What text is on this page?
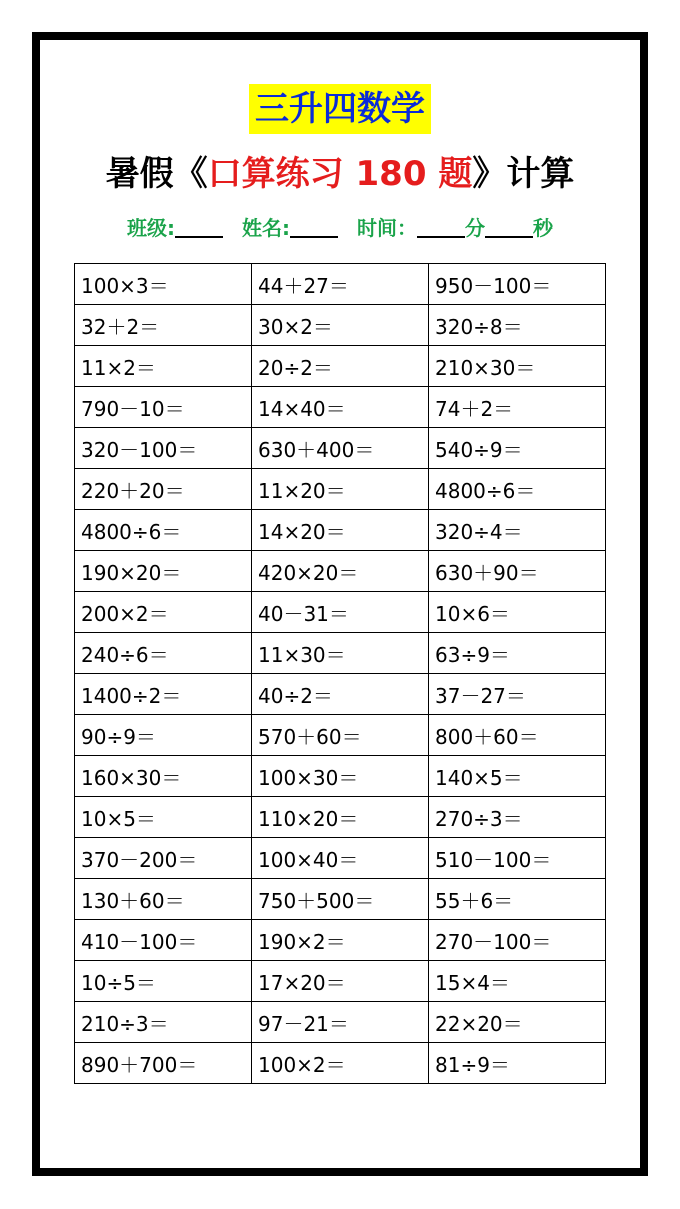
三升四数学
暑假《口算练习 180 题》计算
班级:	姓名:	时间： 分 秒
100×3＝	44＋27＝	950－100＝
32＋2＝	30×2＝	320÷8＝
11×2＝	20÷2＝	210×30＝
790－10＝	14×40＝	74＋2＝
320－100＝	630＋400＝	540÷9＝
220＋20＝	11×20＝	4800÷6＝
4800÷6＝	14×20＝	320÷4＝
190×20＝	420×20＝	630＋90＝
200×2＝	40－31＝	10×6＝
240÷6＝	11×30＝	63÷9＝
1400÷2＝	40÷2＝	37－27＝
90÷9＝	570＋60＝	800＋60＝
160×30＝	100×30＝	140×5＝
10×5＝	110×20＝	270÷3＝
370－200＝	100×40＝	510－100＝
130＋60＝	750＋500＝	55＋6＝
410－100＝	190×2＝	270－100＝
10÷5＝	17×20＝	15×4＝
210÷3＝	97－21＝	22×20＝
890＋700＝	100×2＝	81÷9＝
